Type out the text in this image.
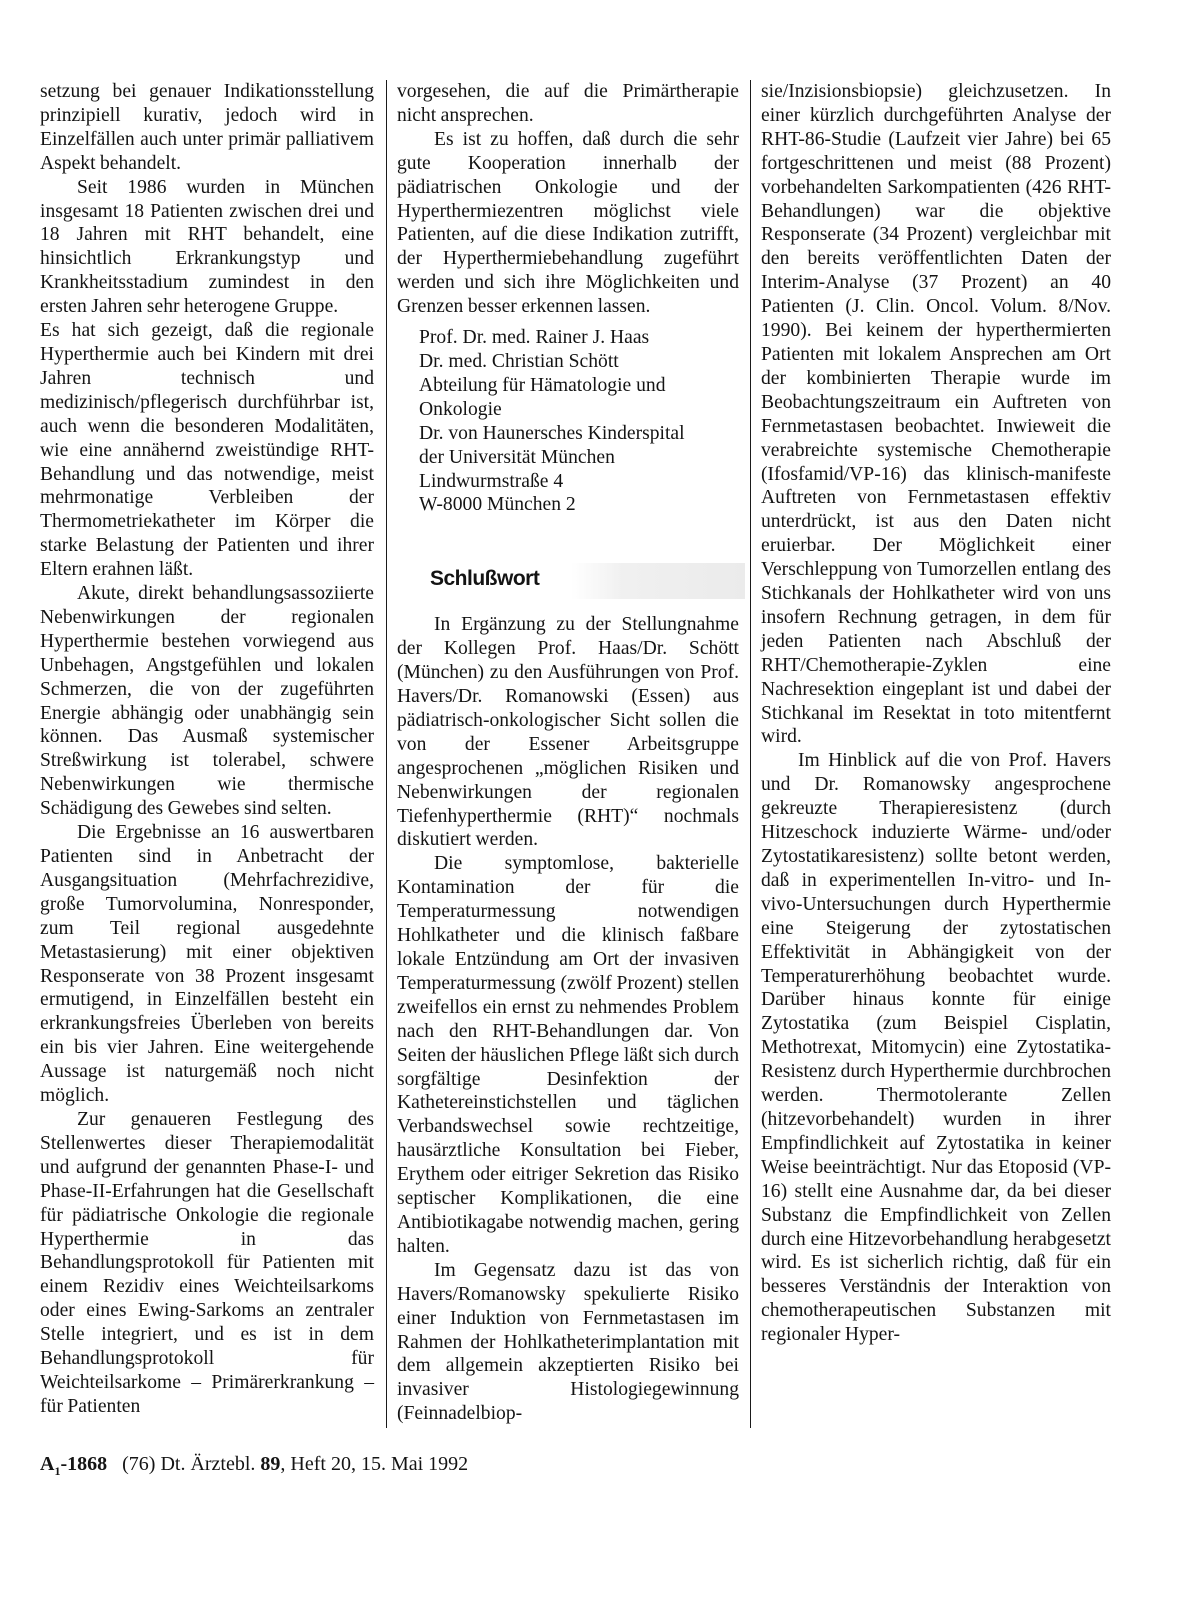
setzung bei genauer Indikationsstellung prinzipiell kurativ, jedoch wird in Einzelfällen auch unter primär palliativem Aspekt behandelt.

Seit 1986 wurden in München insgesamt 18 Patienten zwischen drei und 18 Jahren mit RHT behandelt, eine hinsichtlich Erkrankungstyp und Krankheitsstadium zumindest in den ersten Jahren sehr heterogene Gruppe.

Es hat sich gezeigt, daß die regionale Hyperthermie auch bei Kindern mit drei Jahren technisch und medizinisch/pflegerisch durchführbar ist, auch wenn die besonderen Modalitäten, wie eine annähernd zweistündige RHT-Behandlung und das notwendige, meist mehrmonatige Verbleiben der Thermometriekatheter im Körper die starke Belastung der Patienten und ihrer Eltern erahnen läßt.

Akute, direkt behandlungsassoziierte Nebenwirkungen der regionalen Hyperthermie bestehen vorwiegend aus Unbehagen, Angstgefühlen und lokalen Schmerzen, die von der zugeführten Energie abhängig oder unabhängig sein können. Das Ausmaß systemischer Streßwirkung ist tolerabel, schwere Nebenwirkungen wie thermische Schädigung des Gewebes sind selten.

Die Ergebnisse an 16 auswertbaren Patienten sind in Anbetracht der Ausgangsituation (Mehrfachrezidive, große Tumorvolumina, Nonresponder, zum Teil regional ausgedehnte Metastasierung) mit einer objektiven Responserate von 38 Prozent insgesamt ermutigend, in Einzelfällen besteht ein erkrankungsfreies Überleben von bereits ein bis vier Jahren. Eine weitergehende Aussage ist naturgemäß noch nicht möglich.

Zur genaueren Festlegung des Stellenwertes dieser Therapiemodalität und aufgrund der genannten Phase-I- und Phase-II-Erfahrungen hat die Gesellschaft für pädiatrische Onkologie die regionale Hyperthermie in das Behandlungsprotokoll für Patienten mit einem Rezidiv eines Weichteilsarkoms oder eines Ewing-Sarkoms an zentraler Stelle integriert, und es ist in dem Behandlungsprotokoll für Weichteilsarkome – Primärerkrankung – für Patienten

vorgesehen, die auf die Primärtherapie nicht ansprechen.

Es ist zu hoffen, daß durch die sehr gute Kooperation innerhalb der pädiatrischen Onkologie und der Hyperthermiezentren möglichst viele Patienten, auf die diese Indikation zutrifft, der Hyperthermiebehandlung zugeführt werden und sich ihre Möglichkeiten und Grenzen besser erkennen lassen.

Prof. Dr. med. Rainer J. Haas
Dr. med. Christian Schött
Abteilung für Hämatologie und
Onkologie
Dr. von Haunersches Kinderspital
der Universität München
Lindwurmstraße 4
W-8000 München 2
Schlußwort

In Ergänzung zu der Stellungnahme der Kollegen Prof. Haas/Dr. Schött (München) zu den Ausführungen von Prof. Havers/Dr. Romanowski (Essen) aus pädiatrisch-onkologischer Sicht sollen die von der Essener Arbeitsgruppe angesprochenen „möglichen Risiken und Nebenwirkungen der regionalen Tiefenhyperthermie (RHT)“ nochmals diskutiert werden.

Die symptomlose, bakterielle Kontamination der für die Temperaturmessung notwendigen Hohlkatheter und die klinisch faßbare lokale Entzündung am Ort der invasiven Temperaturmessung (zwölf Prozent) stellen zweifellos ein ernst zu nehmendes Problem nach den RHT-Behandlungen dar. Von Seiten der häuslichen Pflege läßt sich durch sorgfältige Desinfektion der Kathetereinstichstellen und täglichen Verbandswechsel sowie rechtzeitige, hausärztliche Konsultation bei Fieber, Erythem oder eitriger Sekretion das Risiko septischer Komplikationen, die eine Antibiotikagabe notwendig machen, gering halten.

Im Gegensatz dazu ist das von Havers/Romanowsky spekulierte Risiko einer Induktion von Fernmetastasen im Rahmen der Hohlkatheterimplantation mit dem allgemein akzeptierten Risiko bei invasiver Histologiegewinnung (Feinnadelbiop-

sie/Inzisionsbiopsie) gleichzusetzen. In einer kürzlich durchgeführten Analyse der RHT-86-Studie (Laufzeit vier Jahre) bei 65 fortgeschrittenen und meist (88 Prozent) vorbehandelten Sarkompatienten (426 RHT-Behandlungen) war die objektive Responserate (34 Prozent) vergleichbar mit den bereits veröffentlichten Daten der Interim-Analyse (37 Prozent) an 40 Patienten (J. Clin. Oncol. Volum. 8/Nov. 1990). Bei keinem der hyperthermierten Patienten mit lokalem Ansprechen am Ort der kombinierten Therapie wurde im Beobachtungszeitraum ein Auftreten von Fernmetastasen beobachtet. Inwieweit die verabreichte systemische Chemotherapie (Ifosfamid/VP-16) das klinisch-manifeste Auftreten von Fernmetastasen effektiv unterdrückt, ist aus den Daten nicht eruierbar. Der Möglichkeit einer Verschleppung von Tumorzellen entlang des Stichkanals der Hohlkatheter wird von uns insofern Rechnung getragen, in dem für jeden Patienten nach Abschluß der RHT/Chemotherapie-Zyklen eine Nachresektion eingeplant ist und dabei der Stichkanal im Resektat in toto mitentfernt wird.

Im Hinblick auf die von Prof. Havers und Dr. Romanowsky angesprochene gekreuzte Therapieresistenz (durch Hitzeschock induzierte Wärme- und/oder Zytostatikaresistenz) sollte betont werden, daß in experimentellen In-vitro- und In-vivo-Untersuchungen durch Hyperthermie eine Steigerung der zytostatischen Effektivität in Abhängigkeit von der Temperaturerhöhung beobachtet wurde. Darüber hinaus konnte für einige Zytostatika (zum Beispiel Cisplatin, Methotrexat, Mitomycin) eine Zytostatika-Resistenz durch Hyperthermie durchbrochen werden. Thermotolerante Zellen (hitzevorbehandelt) wurden in ihrer Empfindlichkeit auf Zytostatika in keiner Weise beeinträchtigt. Nur das Etoposid (VP-16) stellt eine Ausnahme dar, da bei dieser Substanz die Empfindlichkeit von Zellen durch eine Hitzevorbehandlung herabgesetzt wird. Es ist sicherlich richtig, daß für ein besseres Verständnis der Interaktion von chemotherapeutischen Substanzen mit regionaler Hyper-

$A_1-1868$ (76) Dt. Ärztebl. 89, Heft 20, 15. Mai 1992
